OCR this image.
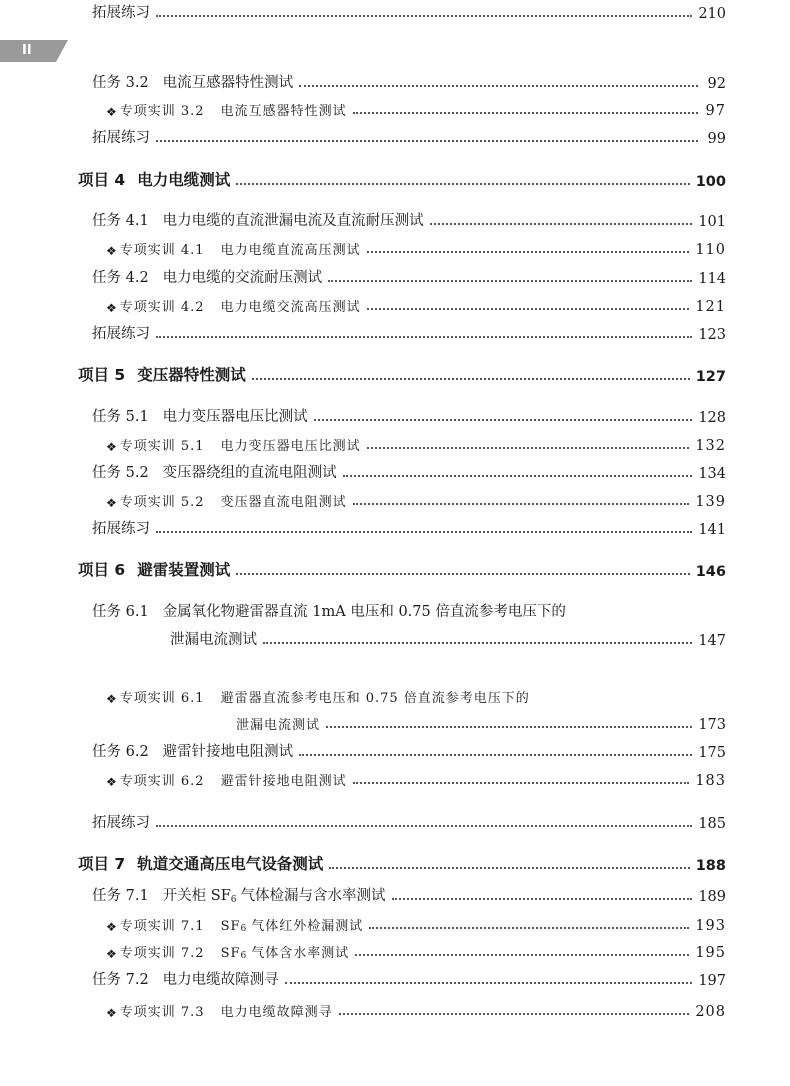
II
任务 3.2 电流互感器特性测试	92
❖ 专项实训 3.2 电流互感器特性测试	97
拓展练习	99
项目 4 电力电缆测试	100
任务 4.1 电力电缆的直流泄漏电流及直流耐压测试	101
❖ 专项实训 4.1 电力电缆直流高压测试	110
任务 4.2 电力电缆的交流耐压测试	114
❖ 专项实训 4.2 电力电缆交流高压测试	121
拓展练习	123
项目 5 变压器特性测试	127
任务 5.1 电力变压器电压比测试	128
❖ 专项实训 5.1 电力变压器电压比测试	132
任务 5.2 变压器绕组的直流电阻测试	134
❖ 专项实训 5.2 变压器直流电阻测试	139
拓展练习	141
项目 6 避雷装置测试	146
任务 6.1 金属氧化物避雷器直流 1mA 电压和 0.75 倍直流参考电压下的
泄漏电流测试	147
❖ 专项实训 6.1 避雷器直流参考电压和 0.75 倍直流参考电压下的
泄漏电流测试	173
任务 6.2 避雷针接地电阻测试	175
❖ 专项实训 6.2 避雷针接地电阻测试	183
拓展练习	185
项目 7 轨道交通高压电气设备测试	188
任务 7.1 开关柜 $SF_6$ 气体检漏与含水率测试	189
❖ 专项实训 7.1 SF 6 气体红外检漏测试	193
❖ 专项实训 7.2 SF 6 气体含水率测试	195
任务 7.2 电力电缆故障测寻	197
❖ 专项实训 7.3 电力电缆故障测寻	208
拓展练习	210
